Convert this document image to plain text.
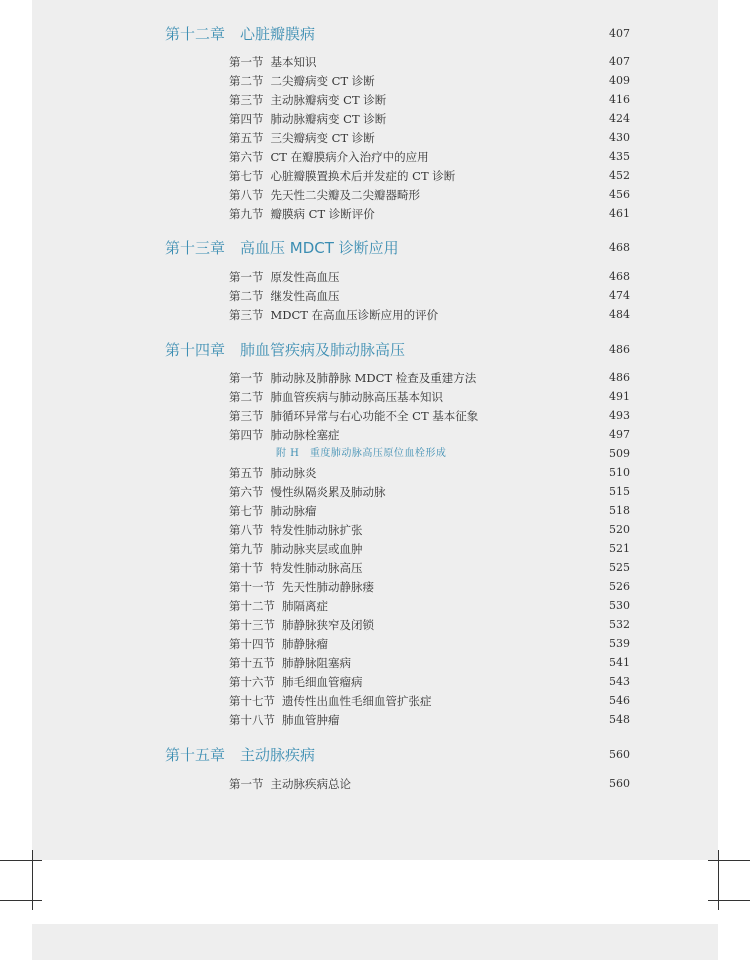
第十二章　心脏瓣膜病	407
第一节 基本知识	407
第二节 二尖瓣病变 CT 诊断	409
第三节 主动脉瓣病变 CT 诊断	416
第四节 肺动脉瓣病变 CT 诊断	424
第五节 三尖瓣病变 CT 诊断	430
第六节 CT 在瓣膜病介入治疗中的应用	435
第七节 心脏瓣膜置换术后并发症的 CT 诊断	452
第八节 先天性二尖瓣及二尖瓣器畸形	456
第九节 瓣膜病 CT 诊断评价	461
第十三章　高血压 MDCT 诊断应用	468
第一节 原发性高血压	468
第二节 继发性高血压	474
第三节 MDCT 在高血压诊断应用的评价	484
第十四章　肺血管疾病及肺动脉高压	486
第一节 肺动脉及肺静脉 MDCT 检查及重建方法	486
第二节 肺血管疾病与肺动脉高压基本知识	491
第三节 肺循环异常与右心功能不全 CT 基本征象	493
第四节 肺动脉栓塞症	497
附 H　重度肺动脉高压原位血栓形成	509
第五节 肺动脉炎	510
第六节 慢性纵隔炎累及肺动脉	515
第七节 肺动脉瘤	518
第八节 特发性肺动脉扩张	520
第九节 肺动脉夹层或血肿	521
第十节 特发性肺动脉高压	525
第十一节 先天性肺动静脉瘘	526
第十二节 肺隔离症	530
第十三节 肺静脉狭窄及闭锁	532
第十四节 肺静脉瘤	539
第十五节 肺静脉阻塞病	541
第十六节 肺毛细血管瘤病	543
第十七节 遗传性出血性毛细血管扩张症	546
第十八节 肺血管肿瘤	548
第十五章　主动脉疾病	560
第一节 主动脉疾病总论	560
